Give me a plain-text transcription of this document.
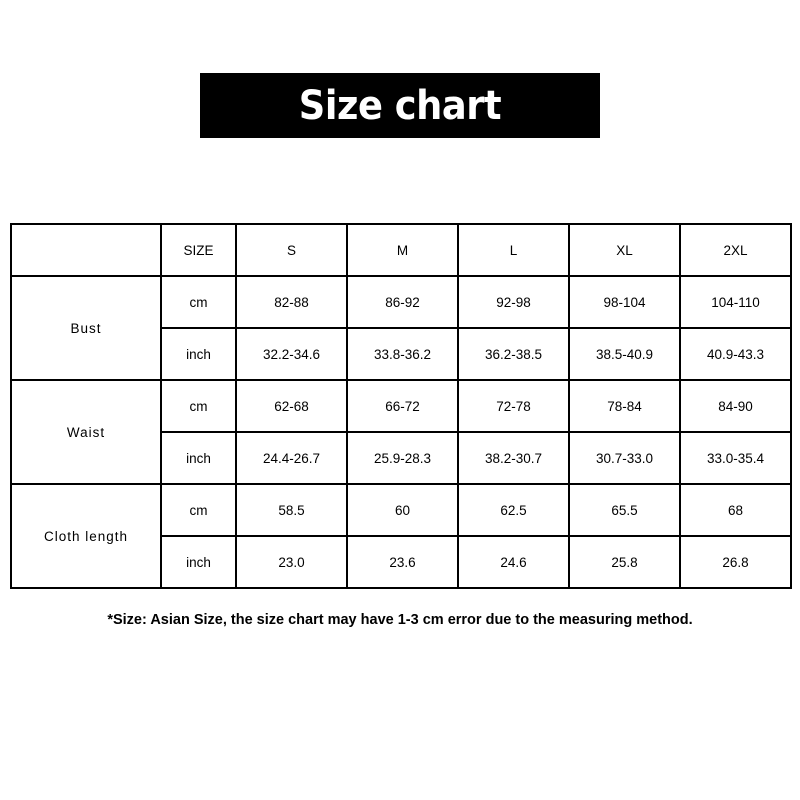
Size chart
	SIZE	S	M	L	XL	2XL
Bust	cm	82-88	86-92	92-98	98-104	104-110
	inch	32.2-34.6	33.8-36.2	36.2-38.5	38.5-40.9	40.9-43.3
Waist	cm	62-68	66-72	72-78	78-84	84-90
	inch	24.4-26.7	25.9-28.3	38.2-30.7	30.7-33.0	33.0-35.4
Cloth length	cm	58.5	60	62.5	65.5	68
	inch	23.0	23.6	24.6	25.8	26.8
*Size: Asian Size, the size chart may have 1-3 cm error due to the measuring method.
